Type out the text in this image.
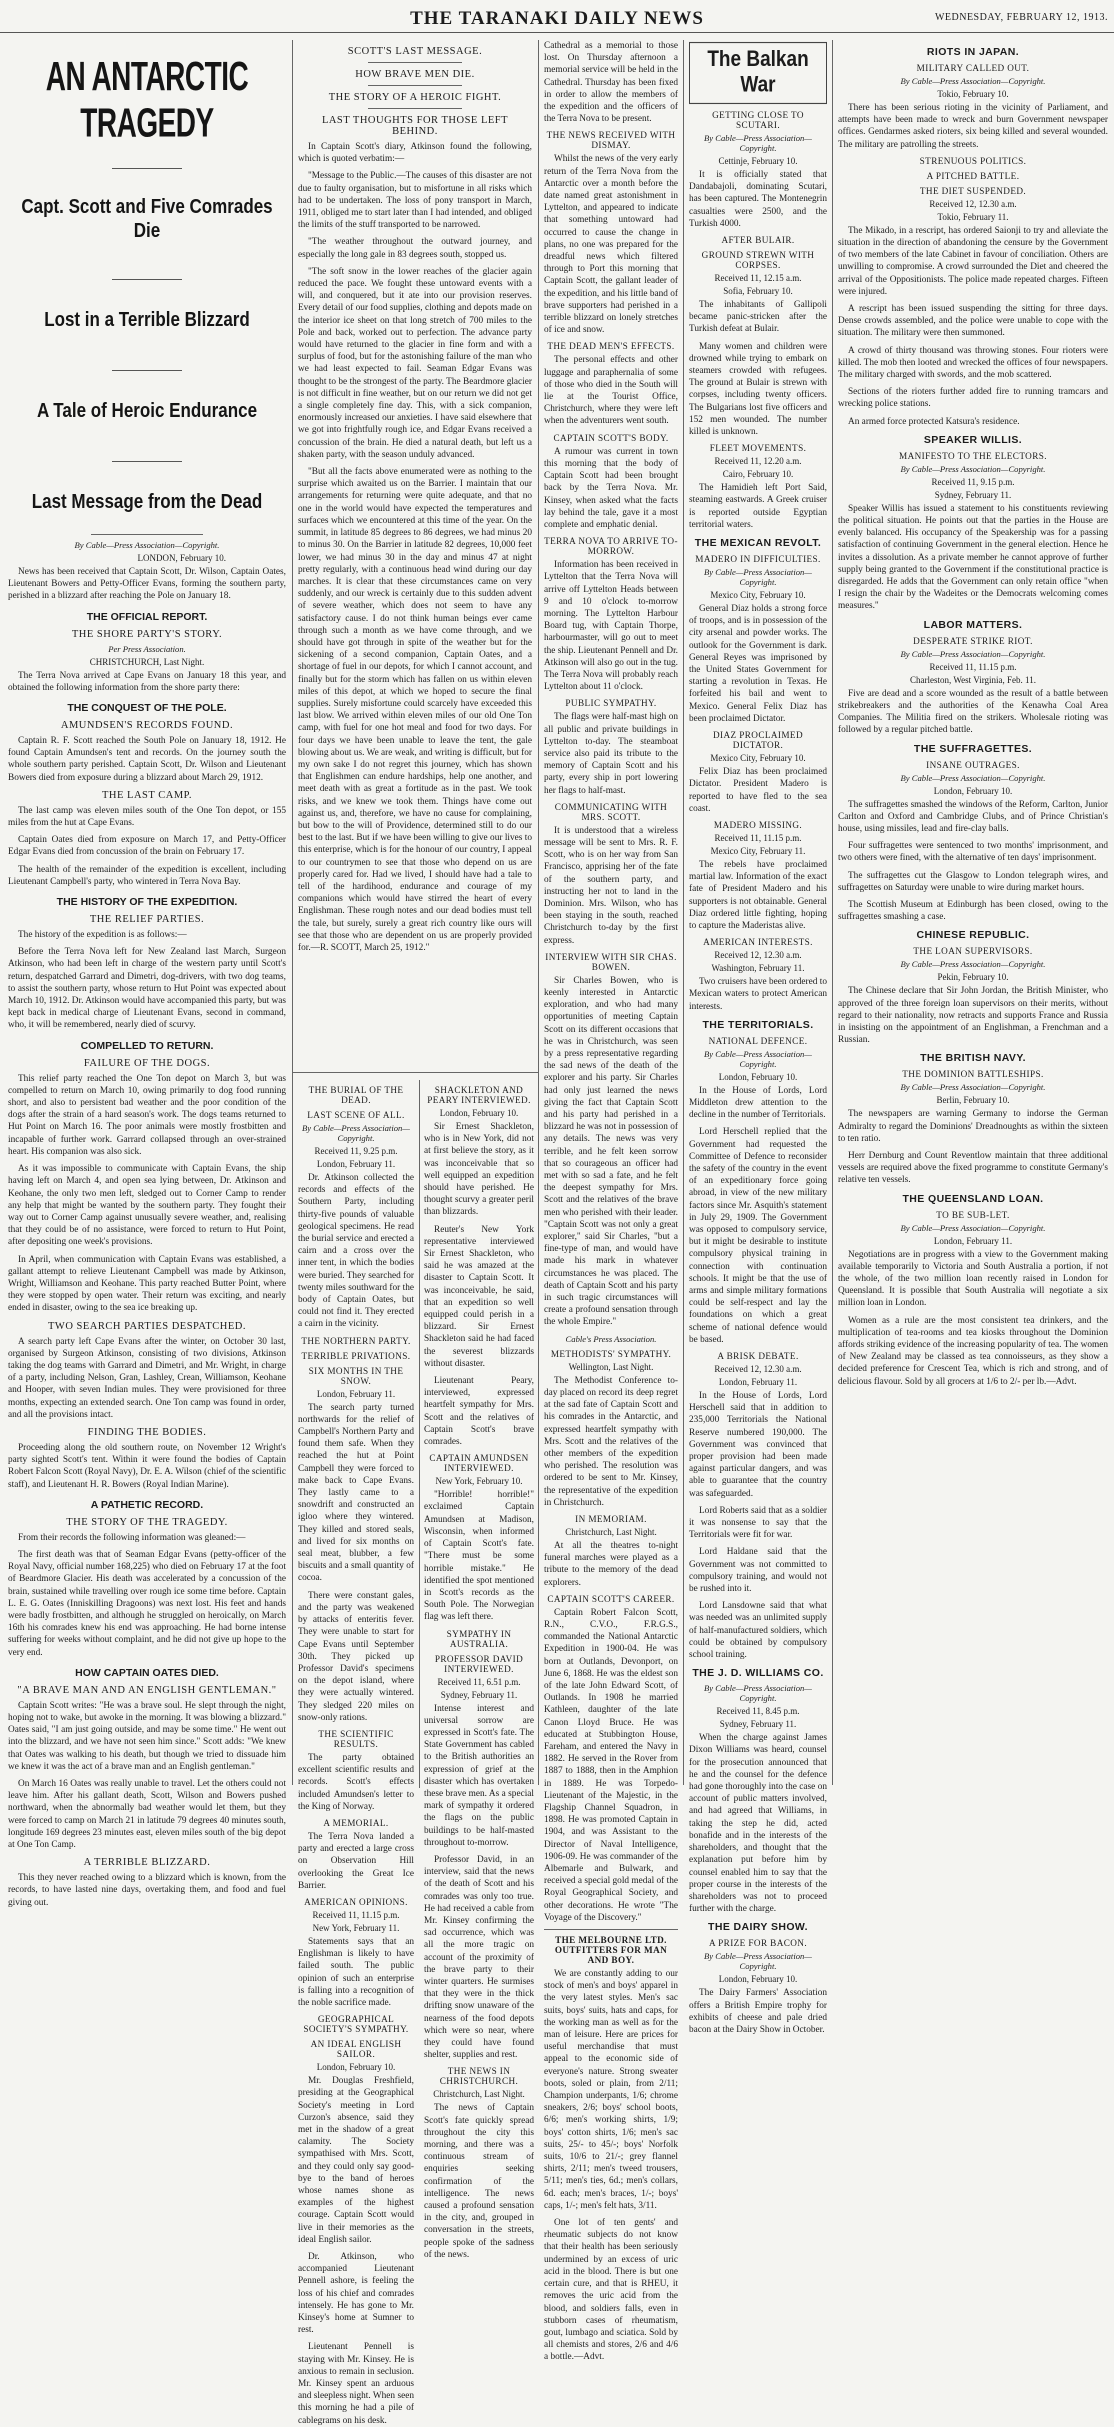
THE TARANAKI DAILY NEWS	WEDNESDAY, FEBRUARY 12, 1913.
AN ANTARCTIC TRAGEDY
Capt. Scott and Five Comrades Die
Lost in a Terrible Blizzard
A Tale of Heroic Endurance
Last Message from the Dead
By Cable—Press Association—Copyright.
LONDON, February 10.

News has been received that Captain Scott, Dr. Wilson, Captain Oates, Lieutenant Bowers and Petty-Officer Evans, forming the southern party, perished in a blizzard after reaching the Pole on January 18.

THE OFFICIAL REPORT.
THE SHORE PARTY'S STORY.
Per Press Association.
CHRISTCHURCH, Last Night.

The Terra Nova arrived at Cape Evans on January 18 this year, and obtained the following information from the shore party there:

THE CONQUEST OF THE POLE.
AMUNDSEN'S RECORDS FOUND.

Captain R. F. Scott reached the South Pole on January 18, 1912. He found Captain Amundsen's tent and records. On the journey south the whole southern party perished. Captain Scott, Dr. Wilson and Lieutenant Bowers died from exposure during a blizzard about March 29, 1912.

THE LAST CAMP.

The last camp was eleven miles south of the One Ton depot, or 155 miles from the hut at Cape Evans.

Captain Oates died from exposure on March 17, and Petty-Officer Edgar Evans died from concussion of the brain on February 17.

The health of the remainder of the expedition is excellent, including Lieutenant Campbell's party, who wintered in Terra Nova Bay.

THE HISTORY OF THE EXPEDITION.
THE RELIEF PARTIES.

The history of the expedition is as follows:—

Before the Terra Nova left for New Zealand last March, Surgeon Atkinson, who had been left in charge of the western party until Scott's return, despatched Garrard and Dimetri, dog-drivers, with two dog teams, to assist the southern party, whose return to Hut Point was expected about March 10, 1912. Dr. Atkinson would have accompanied this party, but was kept back in medical charge of Lieutenant Evans, second in command, who, it will be remembered, nearly died of scurvy.

COMPELLED TO RETURN.
FAILURE OF THE DOGS.

This relief party reached the One Ton depot on March 3, but was compelled to return on March 10, owing primarily to dog food running short, and also to persistent bad weather and the poor condition of the dogs after the strain of a hard season's work. The dogs teams returned to Hut Point on March 16. The poor animals were mostly frostbitten and incapable of further work. Garrard collapsed through an over-strained heart. His companion was also sick.

As it was impossible to communicate with Captain Evans, the ship having left on March 4, and open sea lying between, Dr. Atkinson and Keohane, the only two men left, sledged out to Corner Camp to render any help that might be wanted by the southern party. They fought their way out to Corner Camp against unusually severe weather, and, realising that they could be of no assistance, were forced to return to Hut Point, after depositing one week's provisions.

In April, when communication with Captain Evans was established, a gallant attempt to relieve Lieutenant Campbell was made by Atkinson, Wright, Williamson and Keohane. This party reached Butter Point, where they were stopped by open water. Their return was exciting, and nearly ended in disaster, owing to the sea ice breaking up.

TWO SEARCH PARTIES DESPATCHED.

A search party left Cape Evans after the winter, on October 30 last, organised by Surgeon Atkinson, consisting of two divisions, Atkinson taking the dog teams with Garrard and Dimetri, and Mr. Wright, in charge of a party, including Nelson, Gran, Lashley, Crean, Williamson, Keohane and Hooper, with seven Indian mules. They were provisioned for three months, expecting an extended search. One Ton camp was found in order, and all the provisions intact.

FINDING THE BODIES.

Proceeding along the old southern route, on November 12 Wright's party sighted Scott's tent. Within it were found the bodies of Captain Robert Falcon Scott (Royal Navy), Dr. E. A. Wilson (chief of the scientific staff), and Lieutenant H. R. Bowers (Royal Indian Marine).

A PATHETIC RECORD.
THE STORY OF THE TRAGEDY.

From their records the following information was gleaned:—

The first death was that of Seaman Edgar Evans (petty-officer of the Royal Navy, official number 168,225) who died on February 17 at the foot of Beardmore Glacier. His death was accelerated by a concussion of the brain, sustained while travelling over rough ice some time before. Captain L. E. G. Oates (Inniskilling Dragoons) was next lost. His feet and hands were badly frostbitten, and although he struggled on heroically, on March 16th his comrades knew his end was approaching. He had borne intense suffering for weeks without complaint, and he did not give up hope to the very end.

HOW CAPTAIN OATES DIED.
"A BRAVE MAN AND AN ENGLISH GENTLEMAN."

Captain Scott writes: "He was a brave soul. He slept through the night, hoping not to wake, but awoke in the morning. It was blowing a blizzard." Oates said, "I am just going outside, and may be some time." He went out into the blizzard, and we have not seen him since." Scott adds: "We knew that Oates was walking to his death, but though we tried to dissuade him we knew it was the act of a brave man and an English gentleman."

On March 16 Oates was really unable to travel. Let the others could not leave him. After his gallant death, Scott, Wilson and Bowers pushed northward, when the abnormally bad weather would let them, but they were forced to camp on March 21 in latitude 79 degrees 40 minutes south, longitude 169 degrees 23 minutes east, eleven miles south of the big depot at One Ton Camp.

A TERRIBLE BLIZZARD.

This they never reached owing to a blizzard which is known, from the records, to have lasted nine days, overtaking them, and food and fuel giving out.

SCOTT'S LAST MESSAGE.
HOW BRAVE MEN DIE.
THE STORY OF A HEROIC FIGHT.
LAST THOUGHTS FOR THOSE LEFT BEHIND.

In Captain Scott's diary, Atkinson found the following, which is quoted verbatim:—

"Message to the Public.—The causes of this disaster are not due to faulty organisation, but to misfortune in all risks which had to be undertaken. The loss of pony transport in March, 1911, obliged me to start later than I had intended, and obliged the limits of the stuff transported to be narrowed.

"The weather throughout the outward journey, and especially the long gale in 83 degrees south, stopped us.

"The soft snow in the lower reaches of the glacier again reduced the pace. We fought these untoward events with a will, and conquered, but it ate into our provision reserves. Every detail of our food supplies, clothing and depots made on the interior ice sheet on that long stretch of 700 miles to the Pole and back, worked out to perfection. The advance party would have returned to the glacier in fine form and with a surplus of food, but for the astonishing failure of the man who we had least expected to fail. Seaman Edgar Evans was thought to be the strongest of the party. The Beardmore glacier is not difficult in fine weather, but on our return we did not get a single completely fine day. This, with a sick companion, enormously increased our anxieties. I have said elsewhere that we got into frightfully rough ice, and Edgar Evans received a concussion of the brain. He died a natural death, but left us a shaken party, with the season unduly advanced.

"But all the facts above enumerated were as nothing to the surprise which awaited us on the Barrier. I maintain that our arrangements for returning were quite adequate, and that no one in the world would have expected the temperatures and surfaces which we encountered at this time of the year. On the summit, in latitude 85 degrees to 86 degrees, we had minus 20 to minus 30. On the Barrier in latitude 82 degrees, 10,000 feet lower, we had minus 30 in the day and minus 47 at night pretty regularly, with a continuous head wind during our day marches. It is clear that these circumstances came on very suddenly, and our wreck is certainly due to this sudden advent of severe weather, which does not seem to have any satisfactory cause. I do not think human beings ever came through such a month as we have come through, and we should have got through in spite of the weather but for the sickening of a second companion, Captain Oates, and a shortage of fuel in our depots, for which I cannot account, and finally but for the storm which has fallen on us within eleven miles of this depot, at which we hoped to secure the final supplies. Surely misfortune could scarcely have exceeded this last blow. We arrived within eleven miles of our old One Ton camp, with fuel for one hot meal and food for two days. For four days we have been unable to leave the tent, the gale blowing about us. We are weak, and writing is difficult, but for my own sake I do not regret this journey, which has shown that Englishmen can endure hardships, help one another, and meet death with as great a fortitude as in the past. We took risks, and we knew we took them. Things have come out against us, and, therefore, we have no cause for complaining, but bow to the will of Providence, determined still to do our best to the last. But if we have been willing to give our lives to this enterprise, which is for the honour of our country, I appeal to our countrymen to see that those who depend on us are properly cared for. Had we lived, I should have had a tale to tell of the hardihood, endurance and courage of my companions which would have stirred the heart of every Englishman. These rough notes and our dead bodies must tell the tale, but surely, surely a great rich country like ours will see that those who are dependent on us are properly provided for.—R. SCOTT, March 25, 1912."

THE BURIAL OF THE DEAD.
LAST SCENE OF ALL.
By Cable—Press Association—Copyright.
Received 11, 9.25 p.m.
London, February 11.

Dr. Atkinson collected the records and effects of the Southern Party, including thirty-five pounds of valuable geological specimens. He read the burial service and erected a cairn and a cross over the inner tent, in which the bodies were buried. They searched for twenty miles southward for the body of Captain Oates, but could not find it. They erected a cairn in the vicinity.

THE NORTHERN PARTY.
TERRIBLE PRIVATIONS.
SIX MONTHS IN THE SNOW.
London, February 11.

The search party turned northwards for the relief of Campbell's Northern Party and found them safe. When they reached the hut at Point Campbell they were forced to make back to Cape Evans. They lastly came to a snowdrift and constructed an igloo where they wintered. They killed and stored seals, and lived for six months on seal meat, blubber, a few biscuits and a small quantity of cocoa.

There were constant gales, and the party was weakened by attacks of enteritis fever. They were unable to start for Cape Evans until September 30th. They picked up Professor David's specimens on the depot island, where they were actually wintered. They sledged 220 miles on snow-only rations.

THE SCIENTIFIC RESULTS.

The party obtained excellent scientific results and records. Scott's effects included Amundsen's letter to the King of Norway.

A MEMORIAL.

The Terra Nova landed a party and erected a large cross on Observation Hill overlooking the Great Ice Barrier.

AMERICAN OPINIONS.
Received 11, 11.15 p.m.
New York, February 11.

Statements says that an Englishman is likely to have failed south. The public opinion of such an enterprise is falling into a recognition of the noble sacrifice made.

GEOGRAPHICAL SOCIETY'S SYMPATHY.
AN IDEAL ENGLISH SAILOR.
London, February 10.

Mr. Douglas Freshfield, presiding at the Geographical Society's meeting in Lord Curzon's absence, said they met in the shadow of a great calamity. The Society sympathised with Mrs. Scott, and they could only say good-bye to the band of heroes whose names shone as examples of the highest courage. Captain Scott would live in their memories as the ideal English sailor.

Dr. Atkinson, who accompanied Lieutenant Pennell ashore, is feeling the loss of his chief and comrades intensely. He has gone to Mr. Kinsey's home at Sumner to rest.

Lieutenant Pennell is staying with Mr. Kinsey. He is anxious to remain in seclusion. Mr. Kinsey spent an arduous and sleepless night. When seen this morning he had a pile of cablegrams on his desk.

SHACKLETON AND PEARY INTERVIEWED.
London, February 10.

Sir Ernest Shackleton, who is in New York, did not at first believe the story, as it was inconceivable that so well equipped an expedition should have perished. He thought scurvy a greater peril than blizzards.

Reuter's New York representative interviewed Sir Ernest Shackleton, who said he was amazed at the disaster to Captain Scott. It was inconceivable, he said, that an expedition so well equipped could perish in a blizzard. Sir Ernest Shackleton said he had faced the severest blizzards without disaster.

Lieutenant Peary, interviewed, expressed heartfelt sympathy for Mrs. Scott and the relatives of Captain Scott's brave comrades.

CAPTAIN AMUNDSEN INTERVIEWED.
New York, February 10.

"Horrible! horrible!" exclaimed Captain Amundsen at Madison, Wisconsin, when informed of Captain Scott's fate. "There must be some horrible mistake." He identified the spot mentioned in Scott's records as the South Pole. The Norwegian flag was left there.

SYMPATHY IN AUSTRALIA.
PROFESSOR DAVID INTERVIEWED.
Received 11, 6.51 p.m.
Sydney, February 11.

Intense interest and universal sorrow are expressed in Scott's fate. The State Government has cabled to the British authorities an expression of grief at the disaster which has overtaken these brave men. As a special mark of sympathy it ordered the flags on the public buildings to be half-masted throughout to-morrow.

Professor David, in an interview, said that the news of the death of Scott and his comrades was only too true. He had received a cable from Mr. Kinsey confirming the sad occurrence, which was all the more tragic on account of the proximity of the brave party to their winter quarters. He surmises that they were in the thick drifting snow unaware of the nearness of the food depots which were so near, where they could have found shelter, supplies and rest.

THE NEWS IN CHRISTCHURCH.
Christchurch, Last Night.

The news of Captain Scott's fate quickly spread throughout the city this morning, and there was a continuous stream of enquiries seeking confirmation of the intelligence. The news caused a profound sensation in the city, and, grouped in conversation in the streets, people spoke of the sadness of the news.

Cathedral as a memorial to those lost. On Thursday afternoon a memorial service will be held in the Cathedral. Thursday has been fixed in order to allow the members of the expedition and the officers of the Terra Nova to be present.

THE NEWS RECEIVED WITH DISMAY.

Whilst the news of the very early return of the Terra Nova from the Antarctic over a month before the date named great astonishment in Lyttelton, and appeared to indicate that something untoward had occurred to cause the change in plans, no one was prepared for the dreadful news which filtered through to Port this morning that Captain Scott, the gallant leader of the expedition, and his little band of brave supporters had perished in a terrible blizzard on lonely stretches of ice and snow.

THE DEAD MEN'S EFFECTS.

The personal effects and other luggage and paraphernalia of some of those who died in the South will lie at the Tourist Office, Christchurch, where they were left when the adventurers went south.

CAPTAIN SCOTT'S BODY.

A rumour was current in town this morning that the body of Captain Scott had been brought back by the Terra Nova. Mr. Kinsey, when asked what the facts lay behind the tale, gave it a most complete and emphatic denial.

TERRA NOVA TO ARRIVE TO-MORROW.

Information has been received in Lyttelton that the Terra Nova will arrive off Lyttelton Heads between 9 and 10 o'clock to-morrow morning. The Lyttelton Harbour Board tug, with Captain Thorpe, harbourmaster, will go out to meet the ship. Lieutenant Pennell and Dr. Atkinson will also go out in the tug. The Terra Nova will probably reach Lyttelton about 11 o'clock.

PUBLIC SYMPATHY.

The flags were half-mast high on all public and private buildings in Lyttelton to-day. The steamboat service also paid its tribute to the memory of Captain Scott and his party, every ship in port lowering her flags to half-mast.

COMMUNICATING WITH MRS. SCOTT.

It is understood that a wireless message will be sent to Mrs. R. F. Scott, who is on her way from San Francisco, apprising her of the fate of the southern party, and instructing her not to land in the Dominion. Mrs. Wilson, who has been staying in the south, reached Christchurch to-day by the first express.

INTERVIEW WITH SIR CHAS. BOWEN.

Sir Charles Bowen, who is keenly interested in Antarctic exploration, and who had many opportunities of meeting Captain Scott on its different occasions that he was in Christchurch, was seen by a press representative regarding the sad news of the death of the explorer and his party. Sir Charles had only just learned the news giving the fact that Captain Scott and his party had perished in a blizzard he was not in possession of any details. The news was very terrible, and he felt keen sorrow that so courageous an officer had met with so sad a fate, and he felt the deepest sympathy for Mrs. Scott and the relatives of the brave men who perished with their leader. "Captain Scott was not only a great explorer," said Sir Charles, "but a fine-type of man, and would have made his mark in whatever circumstances he was placed. The death of Captain Scott and his party in such tragic circumstances will create a profound sensation through the whole Empire."

Cable's Press Association.
METHODISTS' SYMPATHY.
Wellington, Last Night.

The Methodist Conference to-day placed on record its deep regret at the sad fate of Captain Scott and his comrades in the Antarctic, and expressed heartfelt sympathy with Mrs. Scott and the relatives of the other members of the expedition who perished. The resolution was ordered to be sent to Mr. Kinsey, the representative of the expedition in Christchurch.

IN MEMORIAM.
Christchurch, Last Night.

At all the theatres to-night funeral marches were played as a tribute to the memory of the dead explorers.

CAPTAIN SCOTT'S CAREER.

Captain Robert Falcon Scott, R.N., C.V.O., F.R.G.S., commanded the National Antarctic Expedition in 1900-04. He was born at Outlands, Devonport, on June 6, 1868. He was the eldest son of the late John Edward Scott, of Outlands. In 1908 he married Kathleen, daughter of the late Canon Lloyd Bruce. He was educated at Stubbington House, Fareham, and entered the Navy in 1882. He served in the Rover from 1887 to 1888, then in the Amphion in 1889. He was Torpedo-Lieutenant of the Majestic, in the Flagship Channel Squadron, in 1898. He was promoted Captain in 1904, and was Assistant to the Director of Naval Intelligence, 1906-09. He was commander of the Albemarle and Bulwark, and received a special gold medal of the Royal Geographical Society, and other decorations. He wrote "The Voyage of the Discovery."

THE MELBOURNE LTD. OUTFITTERS FOR MAN AND BOY.

We are constantly adding to our stock of men's and boys' apparel in the very latest styles. Men's sac suits, boys' suits, hats and caps, for the working man as well as for the man of leisure. Here are prices for useful merchandise that must appeal to the economic side of everyone's nature. Strong sweater boots, soled or plain, from 2/11; Champion underpants, 1/6; chrome sneakers, 2/6; boys' school boots, 6/6; men's working shirts, 1/9; boys' cotton shirts, 1/6; men's sac suits, 25/- to 45/-; boys' Norfolk suits, 10/6 to 21/-; grey flannel shirts, 2/11; men's tweed trousers, 5/11; men's ties, 6d.; men's collars, 6d. each; men's braces, 1/-; boys' caps, 1/-; men's felt hats, 3/11.

One lot of ten gents' and rheumatic subjects do not know that their health has been seriously undermined by an excess of uric acid in the blood. There is but one certain cure, and that is RHEU, it removes the uric acid from the blood, and soldiers falls, even in stubborn cases of rheumatism, gout, lumbago and sciatica. Sold by all chemists and stores, 2/6 and 4/6 a bottle.—Advt.

The Balkan War
GETTING CLOSE TO SCUTARI.
By Cable—Press Association—Copyright.
Cettinje, February 10.

It is officially stated that Dandabajoli, dominating Scutari, has been captured. The Montenegrin casualties were 2500, and the Turkish 4000.

AFTER BULAIR.
GROUND STREWN WITH CORPSES.
Received 11, 12.15 a.m.
Sofia, February 10.

The inhabitants of Gallipoli became panic-stricken after the Turkish defeat at Bulair.

Many women and children were drowned while trying to embark on steamers crowded with refugees. The ground at Bulair is strewn with corpses, including twenty officers. The Bulgarians lost five officers and 152 men wounded. The number killed is unknown.

FLEET MOVEMENTS.
Received 11, 12.20 a.m.
Cairo, February 10.

The Hamidieh left Port Said, steaming eastwards. A Greek cruiser is reported outside Egyptian territorial waters.

THE MEXICAN REVOLT.
MADERO IN DIFFICULTIES.
By Cable—Press Association—Copyright.
Mexico City, February 10.

General Diaz holds a strong force of troops, and is in possession of the city arsenal and powder works. The outlook for the Government is dark. General Reyes was imprisoned by the United States Government for starting a revolution in Texas. He forfeited his bail and went to Mexico. General Felix Diaz has been proclaimed Dictator.

DIAZ PROCLAIMED DICTATOR.
Mexico City, February 10.

Felix Diaz has been proclaimed Dictator. President Madero is reported to have fled to the sea coast.

MADERO MISSING.
Received 11, 11.15 p.m.
Mexico City, February 11.

The rebels have proclaimed martial law. Information of the exact fate of President Madero and his supporters is not obtainable. General Diaz ordered little fighting, hoping to capture the Maderistas alive.

AMERICAN INTERESTS.
Received 12, 12.30 a.m.
Washington, February 11.

Two cruisers have been ordered to Mexican waters to protect American interests.

THE TERRITORIALS.
NATIONAL DEFENCE.
By Cable—Press Association—Copyright.
London, February 10.

In the House of Lords, Lord Middleton drew attention to the decline in the number of Territorials.

Lord Herschell replied that the Government had requested the Committee of Defence to reconsider the safety of the country in the event of an expeditionary force going abroad, in view of the new military factors since Mr. Asquith's statement in July 29, 1909. The Government was opposed to compulsory service, but it might be desirable to institute compulsory physical training in connection with continuation schools. It might be that the use of arms and simple military formations could be self-respect and lay the foundations on which a great scheme of national defence would be based.

A BRISK DEBATE.
Received 12, 12.30 a.m.
London, February 11.

In the House of Lords, Lord Herschell said that in addition to 235,000 Territorials the National Reserve numbered 190,000. The Government was convinced that proper provision had been made against particular dangers, and was able to guarantee that the country was safeguarded.

Lord Roberts said that as a soldier it was nonsense to say that the Territorials were fit for war.

Lord Haldane said that the Government was not committed to compulsory training, and would not be rushed into it.

Lord Lansdowne said that what was needed was an unlimited supply of half-manufactured soldiers, which could be obtained by compulsory school training.

THE J. D. WILLIAMS CO.
By Cable—Press Association—Copyright.
Received 11, 8.45 p.m.
Sydney, February 11.

When the charge against James Dixon Williams was heard, counsel for the prosecution announced that he and the counsel for the defence had gone thoroughly into the case on account of public matters involved, and had agreed that Williams, in taking the step he did, acted bonafide and in the interests of the shareholders, and thought that the explanation put before him by counsel enabled him to say that the proper course in the interests of the shareholders was not to proceed further with the charge.

THE DAIRY SHOW.
A PRIZE FOR BACON.
By Cable—Press Association—Copyright.
London, February 10.

The Dairy Farmers' Association offers a British Empire trophy for exhibits of cheese and pale dried bacon at the Dairy Show in October.

RIOTS IN JAPAN.
MILITARY CALLED OUT.
By Cable—Press Association—Copyright.
Tokio, February 10.

There has been serious rioting in the vicinity of Parliament, and attempts have been made to wreck and burn Government newspaper offices. Gendarmes asked rioters, six being killed and several wounded. The military are patrolling the streets.

STRENUOUS POLITICS.
A PITCHED BATTLE.
THE DIET SUSPENDED.
Received 12, 12.30 a.m.
Tokio, February 11.

The Mikado, in a rescript, has ordered Saionji to try and alleviate the situation in the direction of abandoning the censure by the Government of two members of the late Cabinet in favour of conciliation. Others are unwilling to compromise. A crowd surrounded the Diet and cheered the arrival of the Oppositionists. The police made repeated charges. Fifteen were injured.

A rescript has been issued suspending the sitting for three days. Dense crowds assembled, and the police were unable to cope with the situation. The military were then summoned.

A crowd of thirty thousand was throwing stones. Four rioters were killed. The mob then looted and wrecked the offices of four newspapers. The military charged with swords, and the mob scattered.

Sections of the rioters further added fire to running tramcars and wrecking police stations.

An armed force protected Katsura's residence.

SPEAKER WILLIS.
MANIFESTO TO THE ELECTORS.
By Cable—Press Association—Copyright.
Received 11, 9.15 p.m.
Sydney, February 11.

Speaker Willis has issued a statement to his constituents reviewing the political situation. He points out that the parties in the House are evenly balanced. His occupancy of the Speakership was for a passing satisfaction of continuing Government in the general election. Hence he invites a dissolution. As a private member he cannot approve of further supply being granted to the Government if the constitutional practice is disregarded. He adds that the Government can only retain office "when I resign the chair by the Wadeites or the Democrats welcoming comes measures."

LABOR MATTERS.
DESPERATE STRIKE RIOT.
By Cable—Press Association—Copyright.
Received 11, 11.15 p.m.
Charleston, West Virginia, Feb. 11.

Five are dead and a score wounded as the result of a battle between strikebreakers and the authorities of the Kenawha Coal Area Companies. The Militia fired on the strikers. Wholesale rioting was followed by a regular pitched battle.

THE SUFFRAGETTES.
INSANE OUTRAGES.
By Cable—Press Association—Copyright.
London, February 10.

The suffragettes smashed the windows of the Reform, Carlton, Junior Carlton and Oxford and Cambridge Clubs, and of Prince Christian's house, using missiles, lead and fire-clay balls.

Four suffragettes were sentenced to two months' imprisonment, and two others were fined, with the alternative of ten days' imprisonment.

The suffragettes cut the Glasgow to London telegraph wires, and suffragettes on Saturday were unable to wire during market hours.

The Scottish Museum at Edinburgh has been closed, owing to the suffragettes smashing a case.

CHINESE REPUBLIC.
THE LOAN SUPERVISORS.
By Cable—Press Association—Copyright.
Pekin, February 10.

The Chinese declare that Sir John Jordan, the British Minister, who approved of the three foreign loan supervisors on their merits, without regard to their nationality, now retracts and supports France and Russia in insisting on the appointment of an Englishman, a Frenchman and a Russian.

THE BRITISH NAVY.
THE DOMINION BATTLESHIPS.
By Cable—Press Association—Copyright.
Berlin, February 10.

The newspapers are warning Germany to indorse the German Admiralty to regard the Dominions' Dreadnoughts as within the sixteen to ten ratio.

Herr Dernburg and Count Reventlow maintain that three additional vessels are required above the fixed programme to constitute Germany's relative ten vessels.

THE QUEENSLAND LOAN.
TO BE SUB-LET.
By Cable—Press Association—Copyright.
London, February 11.

Negotiations are in progress with a view to the Government making available temporarily to Victoria and South Australia a portion, if not the whole, of the two million loan recently raised in London for Queensland. It is possible that South Australia will negotiate a six million loan in London.

Women as a rule are the most consistent tea drinkers, and the multiplication of tea-rooms and tea kiosks throughout the Dominion affords striking evidence of the increasing popularity of tea. The women of New Zealand may be classed as tea connoisseurs, as they show a decided preference for Crescent Tea, which is rich and strong, and of delicious flavour. Sold by all grocers at 1/6 to 2/- per lb.—Advt.
